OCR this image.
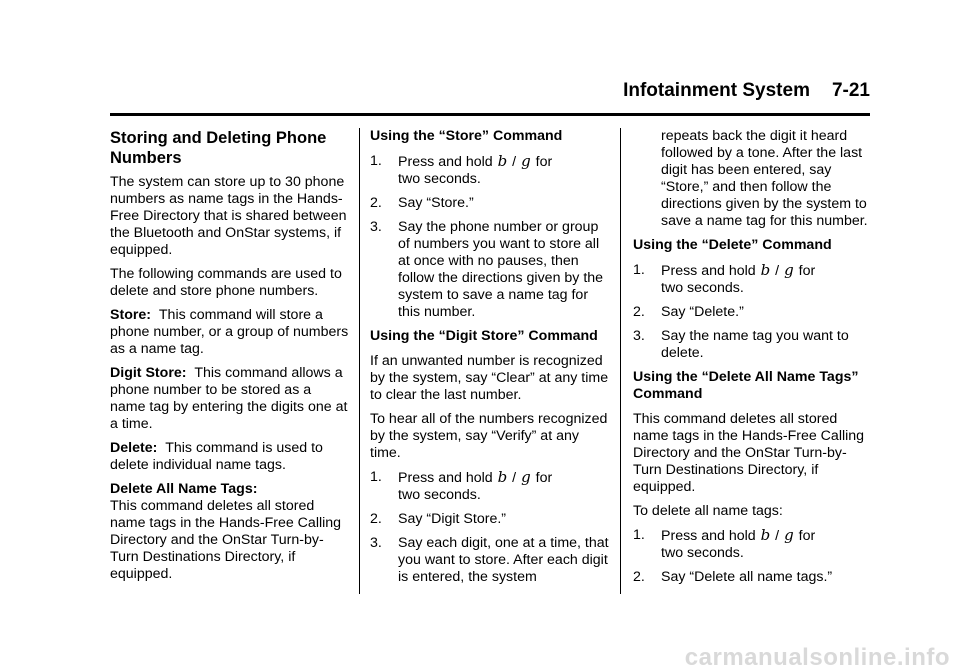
Infotainment System 7-21
Storing and Deleting Phone Numbers

The system can store up to 30 phone numbers as name tags in the Hands-Free Directory that is shared between the Bluetooth and OnStar systems, if equipped.

The following commands are used to delete and store phone numbers.

Store: This command will store a phone number, or a group of numbers as a name tag.

Digit Store: This command allows a phone number to be stored as a name tag by entering the digits one at a time.

Delete: This command is used to delete individual name tags.

Delete All Name Tags:
This command deletes all stored name tags in the Hands-Free Calling Directory and the OnStar Turn-by-Turn Destinations Directory, if equipped.

Using the “Store” Command

1. Press and hold b / g for
two seconds.
2. Say “Store.”
3. Say the phone number or group of numbers you want to store all at once with no pauses, then follow the directions given by the system to save a name tag for this number.

Using the “Digit Store” Command

If an unwanted number is recognized by the system, say “Clear” at any time to clear the last number.

To hear all of the numbers recognized by the system, say “Verify” at any time.

1. Press and hold b / g for
two seconds.
2. Say “Digit Store.”
3. Say each digit, one at a time, that you want to store. After each digit is entered, the system

repeats back the digit it heard followed by a tone. After the last digit has been entered, say “Store,” and then follow the directions given by the system to save a name tag for this number.

Using the “Delete” Command

1. Press and hold b / g for
two seconds.
2. Say “Delete.”
3. Say the name tag you want to delete.

Using the “Delete All Name Tags” Command

This command deletes all stored name tags in the Hands-Free Calling Directory and the OnStar Turn-by-Turn Destinations Directory, if equipped.

To delete all name tags:

1. Press and hold b / g for
two seconds.
2. Say “Delete all name tags.”
carmanualsonline.info
